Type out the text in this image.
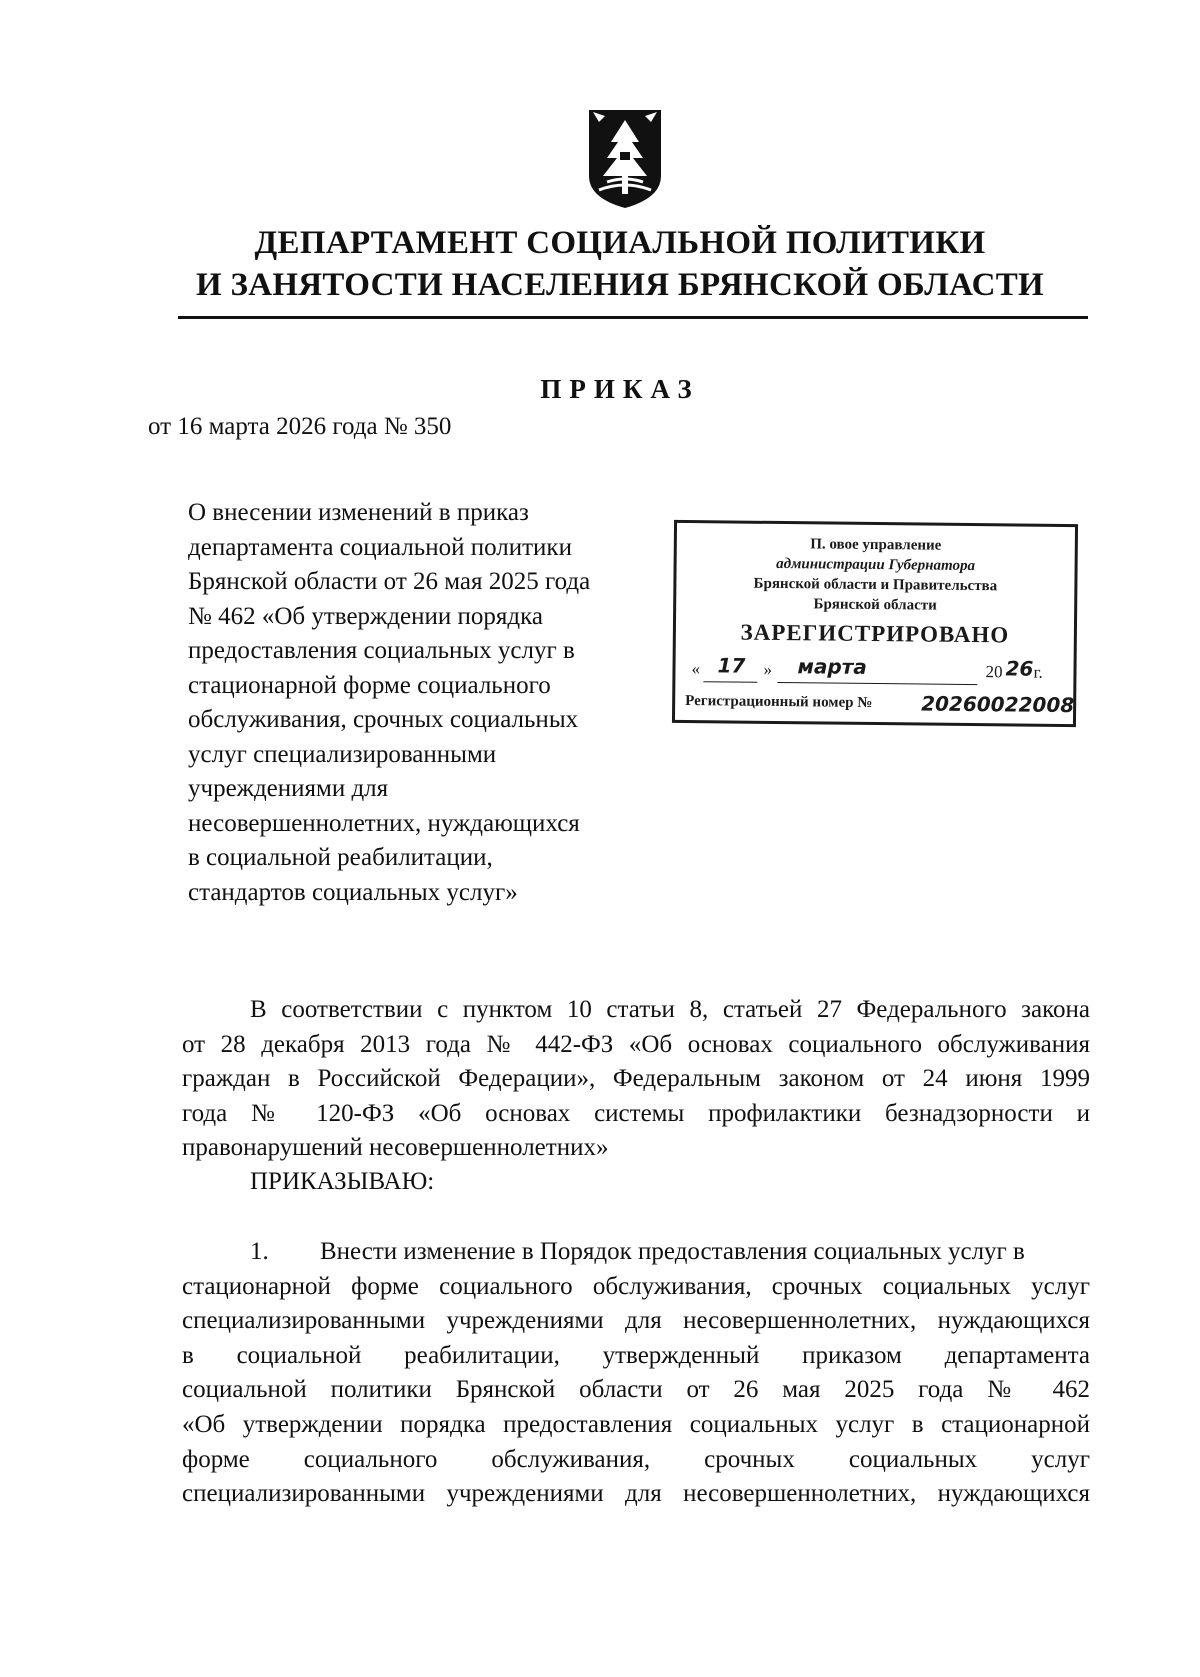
ДЕПАРТАМЕНТ СОЦИАЛЬНОЙ ПОЛИТИКИ
И ЗАНЯТОСТИ НАСЕЛЕНИЯ БРЯНСКОЙ ОБЛАСТИ
ПРИКАЗ
от 16 марта 2026 года № 350
О внесении изменений в приказ
департамента социальной политики
Брянской области от 26 мая 2025 года
№ 462 «Об утверждении порядка
предоставления социальных услуг в
стационарной форме социального
обслуживания, срочных социальных
услуг специализированными
учреждениями для
несовершеннолетних, нуждающихся
в социальной реабилитации,
стандартов социальных услуг»
П. овое управление
администрации Губернатора
Брянской области и Правительства
Брянской области
ЗАРЕГИСТРИРОВАНО
« 17 » марта	20 26 г.
Регистрационный номер № 20260022008
В соответствии с пунктом 10 статьи 8, статьей 27 Федерального закона
от 28 декабря 2013 года № 442-ФЗ «Об основах социального обслуживания
граждан в Российской Федерации», Федеральным законом от 24 июня 1999
года № 120-ФЗ «Об основах системы профилактики безнадзорности и
правонарушений несовершеннолетних»
ПРИКАЗЫВАЮ:
1. Внести изменение в Порядок предоставления социальных услуг в
стационарной форме социального обслуживания, срочных социальных услуг
специализированными учреждениями для несовершеннолетних, нуждающихся
в социальной реабилитации, утвержденный приказом департамента
социальной политики Брянской области от 26 мая 2025 года № 462
«Об утверждении порядка предоставления социальных услуг в стационарной
форме социального обслуживания, срочных социальных услуг
специализированными учреждениями для несовершеннолетних, нуждающихся
